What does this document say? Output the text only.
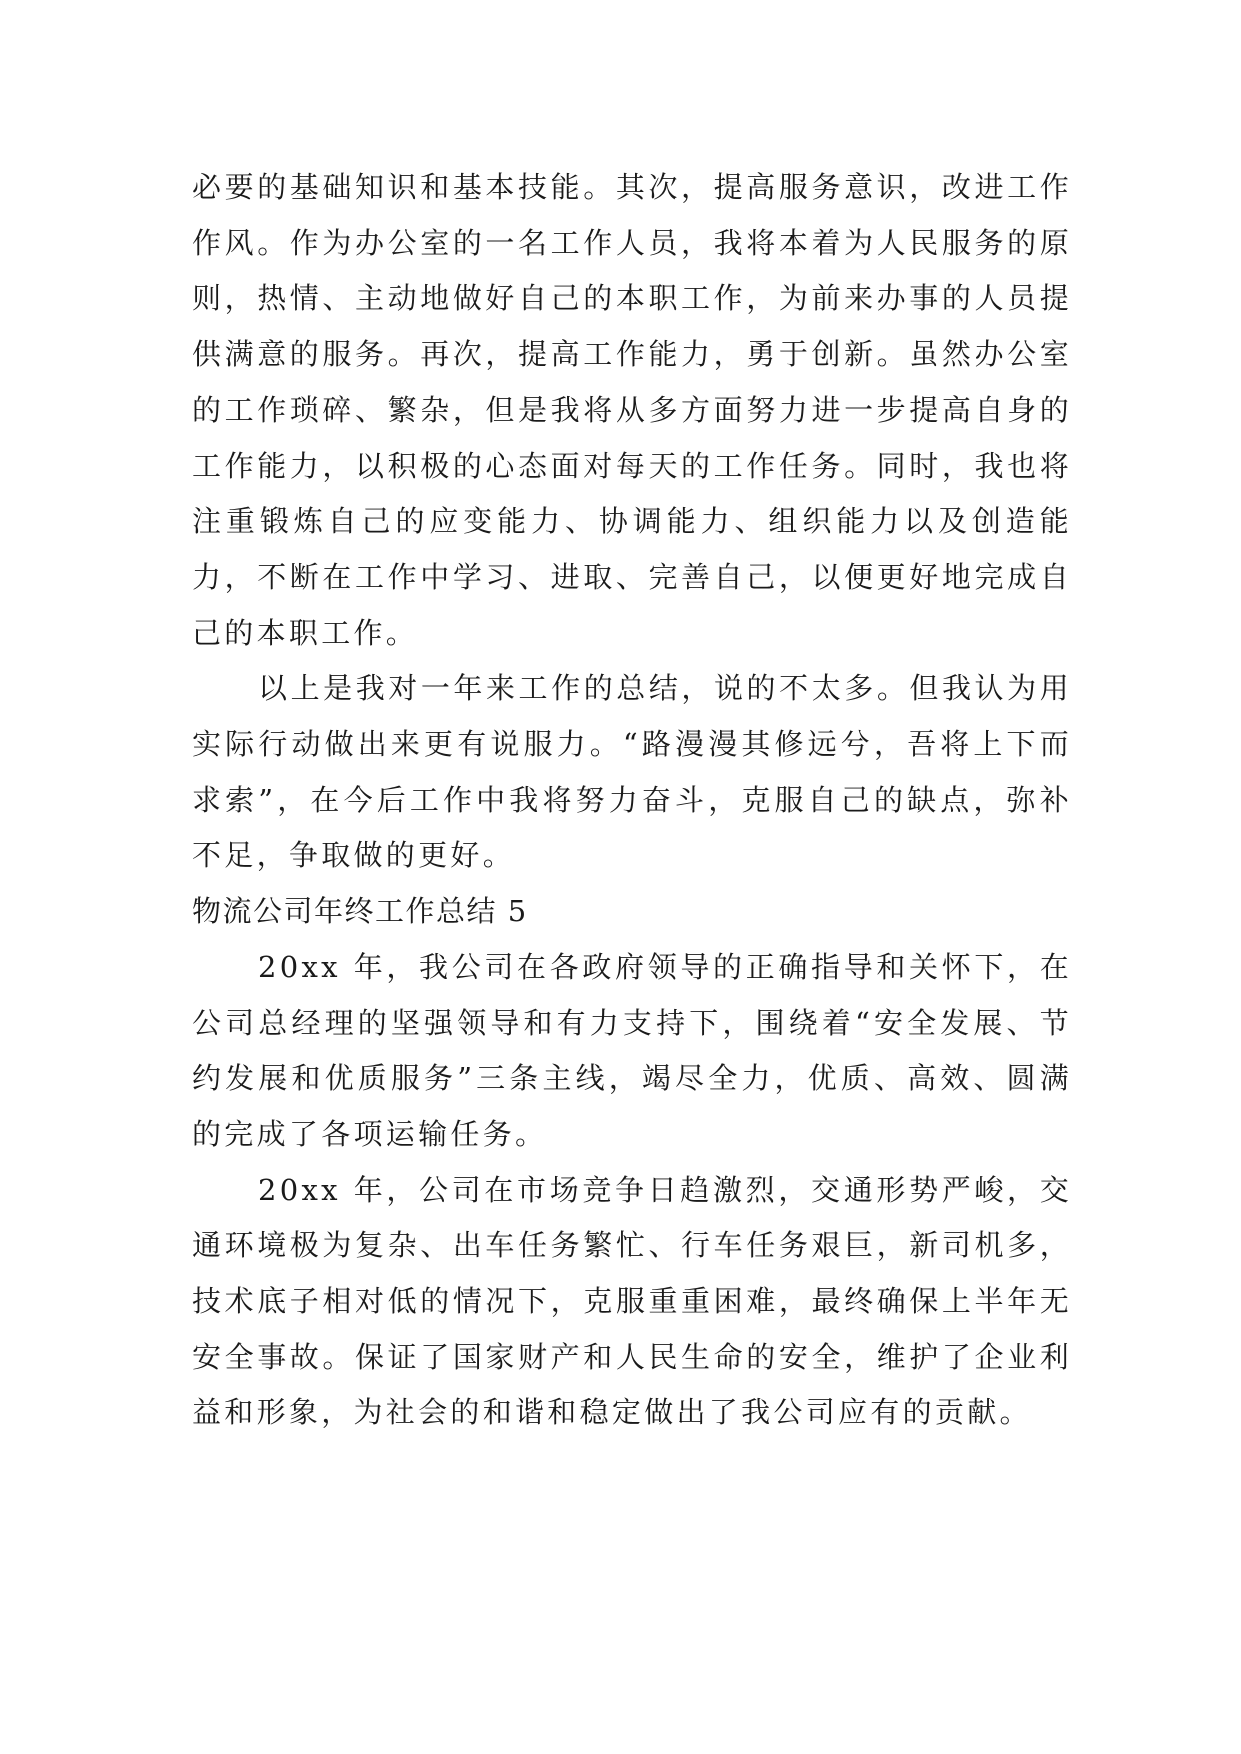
必要的基础知识和基本技能。其次，提高服务意识，改进工作作风。作为办公室的一名工作人员，我将本着为人民服务的原则，热情、主动地做好自己的本职工作，为前来办事的人员提供满意的服务。再次，提高工作能力，勇于创新。虽然办公室的工作琐碎、繁杂，但是我将从多方面努力进一步提高自身的工作能力，以积极的心态面对每天的工作任务。同时，我也将注重锻炼自己的应变能力、协调能力、组织能力以及创造能力，不断在工作中学习、进取、完善自己，以便更好地完成自己的本职工作。

以上是我对一年来工作的总结，说的不太多。但我认为用实际行动做出来更有说服力。“路漫漫其修远兮，吾将上下而求索”，在今后工作中我将努力奋斗，克服自己的缺点，弥补不足，争取做的更好。

物流公司年终工作总结 5

20xx 年，我公司在各政府领导的正确指导和关怀下，在公司总经理的坚强领导和有力支持下，围绕着“安全发展、节约发展和优质服务”三条主线，竭尽全力，优质、高效、圆满的完成了各项运输任务。

20xx 年，公司在市场竞争日趋激烈，交通形势严峻，交通环境极为复杂、出车任务繁忙、行车任务艰巨，新司机多，技术底子相对低的情况下，克服重重困难，最终确保上半年无安全事故。保证了国家财产和人民生命的安全，维护了企业利益和形象，为社会的和谐和稳定做出了我公司应有的贡献。
